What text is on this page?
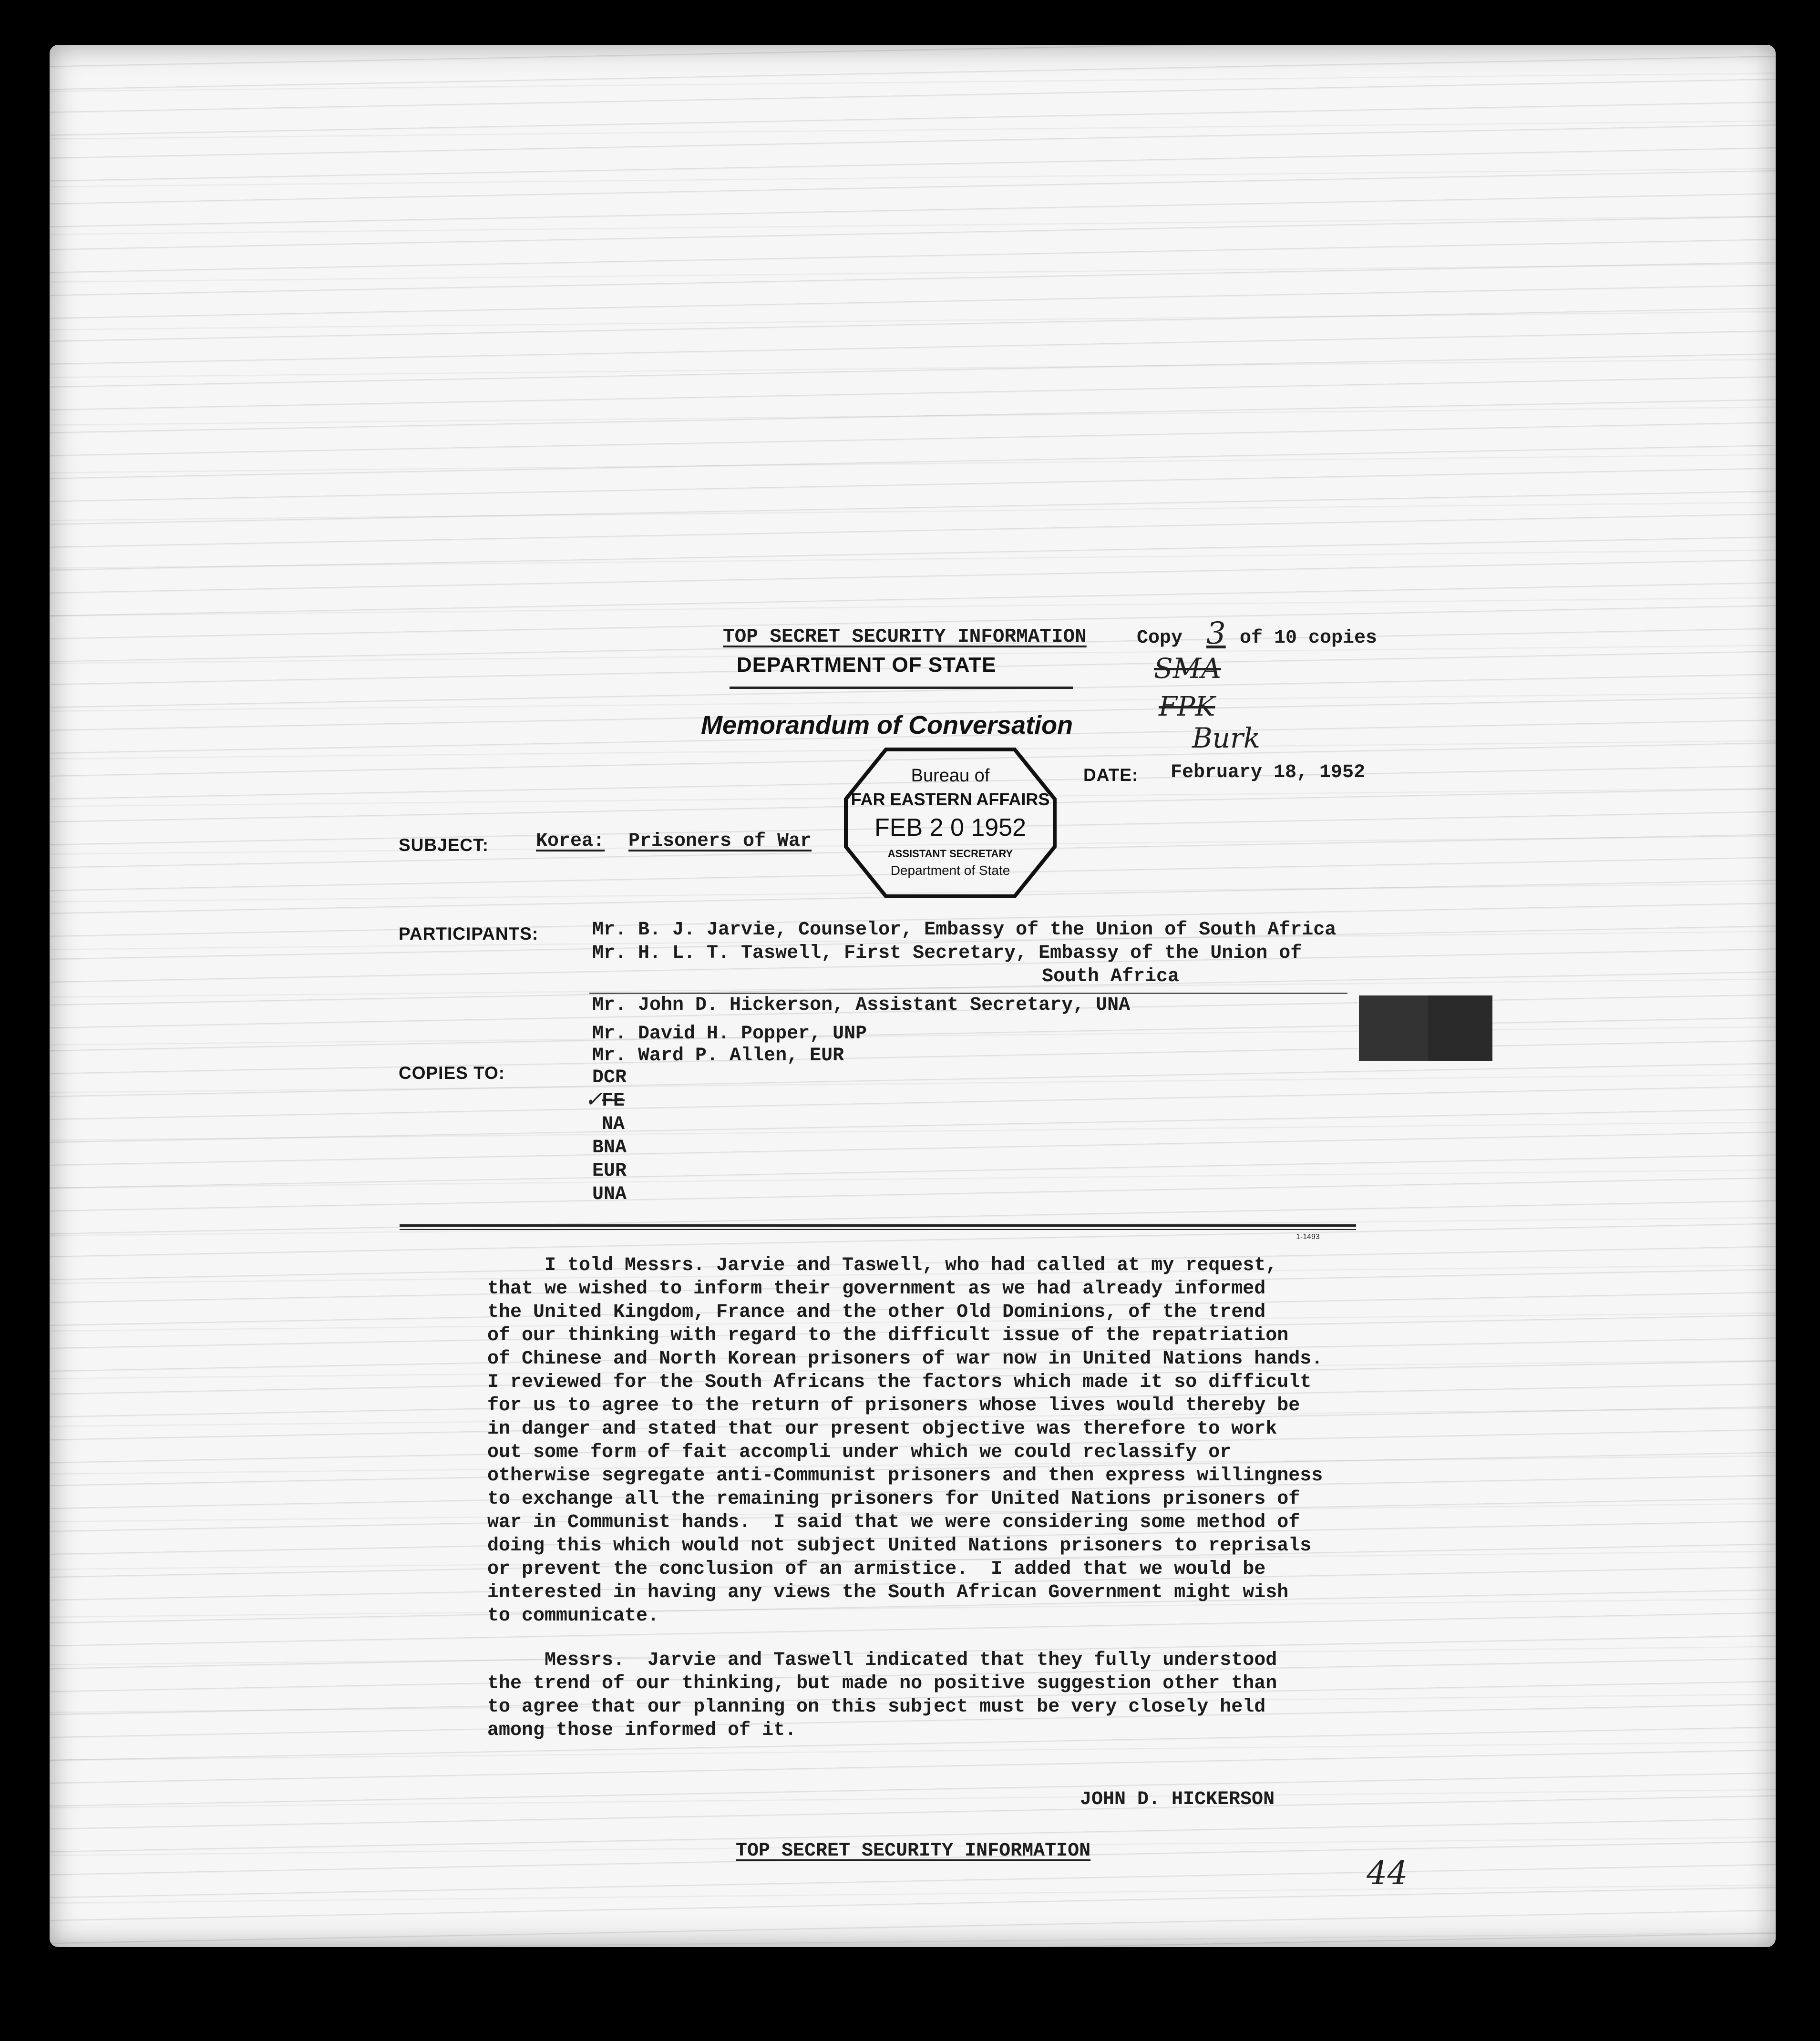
TOP SECRET SECURITY INFORMATION	Copy 3 of 10 copies
DEPARTMENT OF STATE
Memorandum of Conversation
SMA
FPK
Burk
Bureau of
FAR EASTERN AFFAIRS
FEB 2 0 1952
ASSISTANT SECRETARY
Department of State
DATE: February 18, 1952
SUBJECT: Korea: Prisoners of War
PARTICIPANTS:	Mr. B. J. Jarvie, Counselor, Embassy of the Union of South Africa
Mr. H. L. T. Taswell, First Secretary, Embassy of the Union of
South Africa
Mr. John D. Hickerson, Assistant Secretary, UNA
Mr. David H. Popper, UNP
Mr. Ward P. Allen, EUR
COPIES TO:	DCR
✓
FE
NA
BNA
EUR
UNA
1-1493
I told Messrs. Jarvie and Taswell, who had called at my request,
that we wished to inform their government as we had already informed
the United Kingdom, France and the other Old Dominions, of the trend
of our thinking with regard to the difficult issue of the repatriation
of Chinese and North Korean prisoners of war now in United Nations hands.
I reviewed for the South Africans the factors which made it so difficult
for us to agree to the return of prisoners whose lives would thereby be
in danger and stated that our present objective was therefore to work
out some form of fait accompli under which we could reclassify or
otherwise segregate anti-Communist prisoners and then express willingness
to exchange all the remaining prisoners for United Nations prisoners of
war in Communist hands.  I said that we were considering some method of
doing this which would not subject United Nations prisoners to reprisals
or prevent the conclusion of an armistice.  I added that we would be
interested in having any views the South African Government might wish
to communicate.
Messrs.  Jarvie and Taswell indicated that they fully understood
the trend of our thinking, but made no positive suggestion other than
to agree that our planning on this subject must be very closely held
among those informed of it.
JOHN D. HICKERSON
TOP SECRET SECURITY INFORMATION
44
